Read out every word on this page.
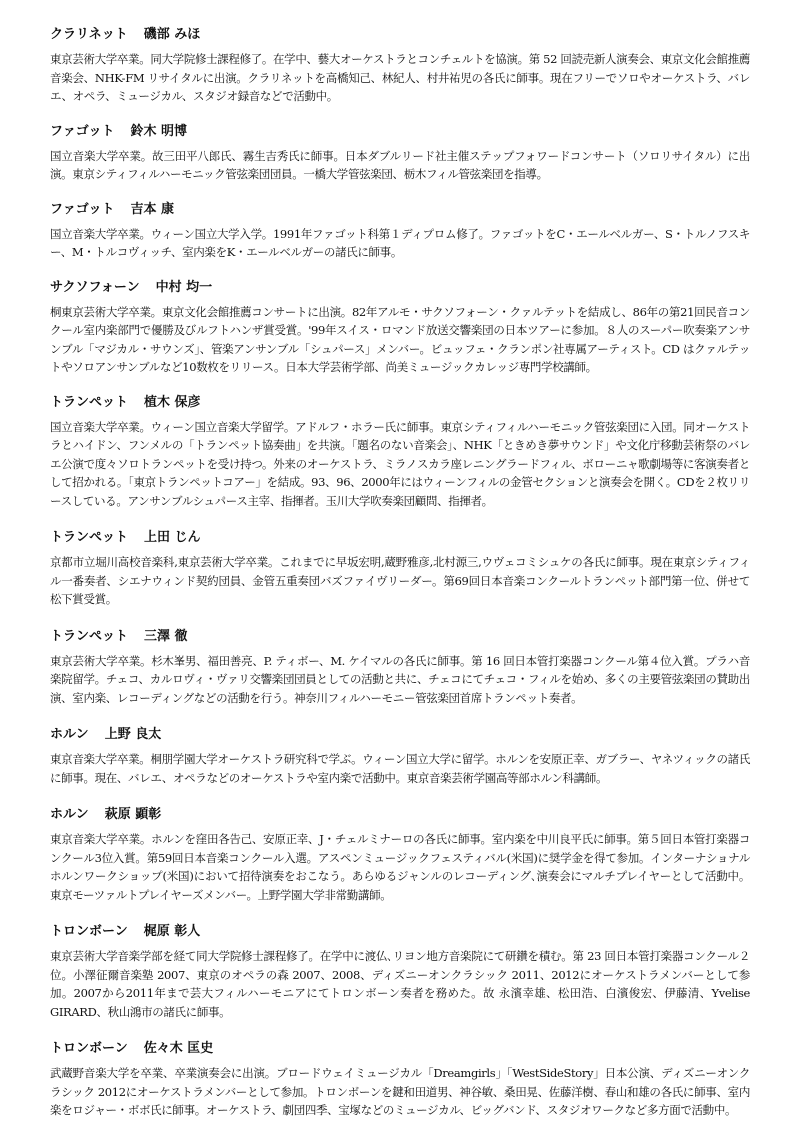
クラリネット 磯部 みほ

東京芸術大学卒業。同大学院修士課程修了。在学中、藝大オーケストラとコンチェルトを協演。第 52 回読売新人演奏会、東京文化会館推薦音楽会、NHK-FM リサイタルに出演。クラリネットを高橋知己、林紀人、村井祐児の各氏に師事。現在フリーでソロやオーケストラ、バレエ、オペラ、ミュージカル、スタジオ録音などで活動中。

ファゴット 鈴木 明博

国立音楽大学卒業。故三田平八郎氏、霧生吉秀氏に師事。日本ダブルリード社主催ステップフォワードコンサート（ソロリサイタル）に出演。東京シティフィルハーモニック管弦楽団団員。一橋大学管弦楽団、栃木フィル管弦楽団を指導。

ファゴット 吉本 康

国立音楽大学卒業。ウィーン国立大学入学。1991年ファゴット科第１ディプロム修了。ファゴットをC・エールベルガー、S・トルノフスキー、M・トルコヴィッチ、室内楽をK・エールベルガーの諸氏に師事。

サクソフォーン 中村 均一

桐東京芸術大学卒業。東京文化会館推薦コンサートに出演。82年アルモ・サクソフォーン・クァルテットを結成し、86年の第21回民音コンクール室内楽部門で優勝及びルフトハンザ賞受賞。'99年スイス・ロマンド放送交響楽団の日本ツアーに参加。８人のスーパー吹奏楽アンサンブル「マジカル・サウンズ」、管楽アンサンブル「シュパース」メンバー。ビュッフェ・クランポン社専属アーティスト。CD はクァルテットやソロアンサンブルなど10数枚をリリース。日本大学芸術学部、尚美ミュージックカレッジ専門学校講師。

トランペット 植木 保彦

国立音楽大学卒業。ウィーン国立音楽大学留学。アドルフ・ホラー氏に師事。東京シティフィルハーモニック管弦楽団に入団。同オーケストラとハイドン、フンメルの「トランペット協奏曲」を共演。「題名のない音楽会」、NHK「ときめき夢サウンド」や文化庁移動芸術祭のバレエ公演で度々ソロトランペットを受け持つ。外来のオーケストラ、ミラノスカラ座レニングラードフィル、ボローニャ歌劇場等に客演奏者として招かれる。「東京トランペットコアー」を結成。93、96、2000年にはウィーンフィルの金管セクションと演奏会を開く。CDを２枚リリースしている。アンサンブルシュパース主宰、指揮者。玉川大学吹奏楽団顧問、指揮者。

トランペット 上田 じん

京都市立堀川高校音楽科,東京芸術大学卒業。これまでに早坂宏明,蔵野雅彦,北村源三,ウヴェコミシュケの各氏に師事。現在東京シティフィル一番奏者、シエナウィンド契約団員、金管五重奏団バズファイヴリーダー。第69回日本音楽コンクールトランペット部門第一位、併せて松下賞受賞。

トランペット 三澤 徹

東京芸術大学卒業。杉木峯男、福田善亮、P. ティボー、M. ケイマルの各氏に師事。第 16 回日本管打楽器コンクール第４位入賞。プラハ音楽院留学。チェコ、カルロヴィ・ヴァリ交響楽団団員としての活動と共に、チェコにてチェコ・フィルを始め、多くの主要管弦楽団の賛助出演、室内楽、レコーディングなどの活動を行う。神奈川フィルハーモニー管弦楽団首席トランペット奏者。

ホルン 上野 良太

東京音楽大学卒業。桐朋学園大学オーケストラ研究科で学ぶ。ウィーン国立大学に留学。ホルンを安原正幸、ガブラー、ヤネツィックの諸氏に師事。現在、バレエ、オペラなどのオーケストラや室内楽で活動中。東京音楽芸術学園高等部ホルン科講師。

ホルン 萩原 顕彰

東京音楽大学卒業。ホルンを窪田各告己、安原正幸、J・チェルミナーロの各氏に師事。室内楽を中川良平氏に師事。第５回日本管打楽器コンクール3位入賞。第59回日本音楽コンクール入選。アスペンミュージックフェスティバル(米国)に奨学金を得て参加。インターナショナルホルンワークショップ(米国)において招待演奏をおこなう。あらゆるジャンルのレコーディング､演奏会にマルチプレイヤーとして活動中。東京モーツァルトプレイヤーズメンバー。上野学園大学非常勤講師。

トロンボーン 梶原 彰人

東京芸術大学音楽学部を経て同大学院修士課程修了。在学中に渡仏､リヨン地方音楽院にて研鑽を積む。第 23 回日本管打楽器コンクール２位。小澤征爾音楽塾 2007、東京のオペラの森 2007、2008、ディズニーオンクラシック 2011、2012にオーケストラメンバーとして参加。2007から2011年まで芸大フィルハーモニアにてトロンボーン奏者を務めた。故 永濱幸雄、松田浩、白濱俊宏、伊藤清、Yvelise GIRARD、秋山鴻市の諸氏に師事。

トロンボーン 佐々木 匡史

武蔵野音楽大学を卒業、卒業演奏会に出演。ブロードウェイミュージカル「Dreamgirls」「WestSideStory」日本公演、ディズニーオンクラシック 2012にオーケストラメンバーとして参加。トロンボーンを鍵和田道男、神谷敏、桑田晃、佐藤洋樹、春山和雄の各氏に師事、室内楽をロジャー・ボボ氏に師事。オーケストラ、劇団四季、宝塚などのミュージカル、ビッグバンド、スタジオワークなど多方面で活動中。
